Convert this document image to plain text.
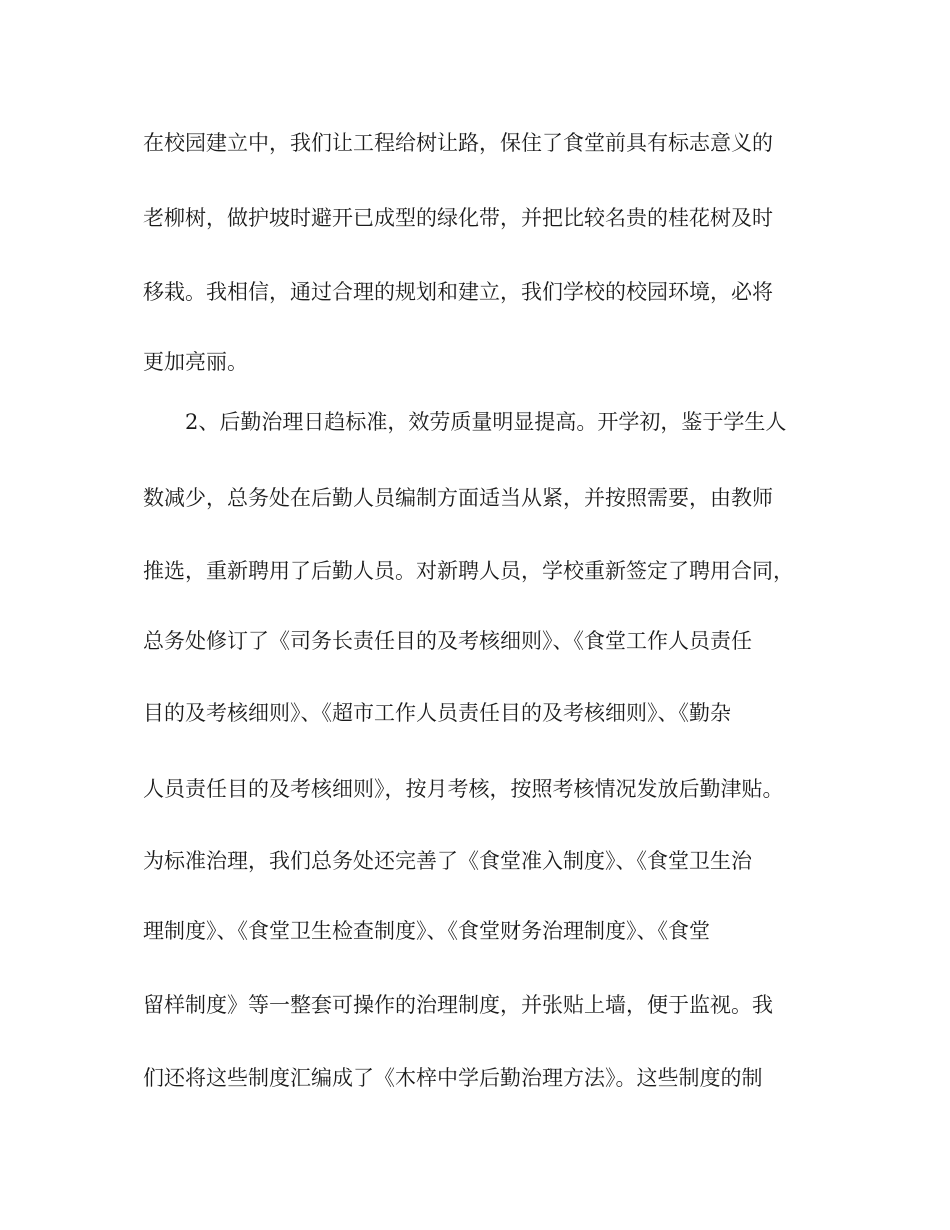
在校园建立中，我们让工程给树让路，保住了食堂前具有标志意义的
老柳树，做护坡时避开已成型的绿化带，并把比较名贵的桂花树及时
移栽。我相信，通过合理的规划和建立，我们学校的校园环境，必将
更加亮丽。
2、后勤治理日趋标准，效劳质量明显提高。开学初，鉴于学生人
数减少，总务处在后勤人员编制方面适当从紧，并按照需要，由教师
推选，重新聘用了后勤人员。对新聘人员，学校重新签定了聘用合同，
总务处修订了《司务长责任目的及考核细则》、《食堂工作人员责任
目的及考核细则》、《超市工作人员责任目的及考核细则》、《勤杂
人员责任目的及考核细则》，按月考核，按照考核情况发放后勤津贴。
为标准治理，我们总务处还完善了《食堂准入制度》、《食堂卫生治
理制度》、《食堂卫生检查制度》、《食堂财务治理制度》、《食堂
留样制度》等一整套可操作的治理制度，并张贴上墙，便于监视。我
们还将这些制度汇编成了《木梓中学后勤治理方法》。这些制度的制
